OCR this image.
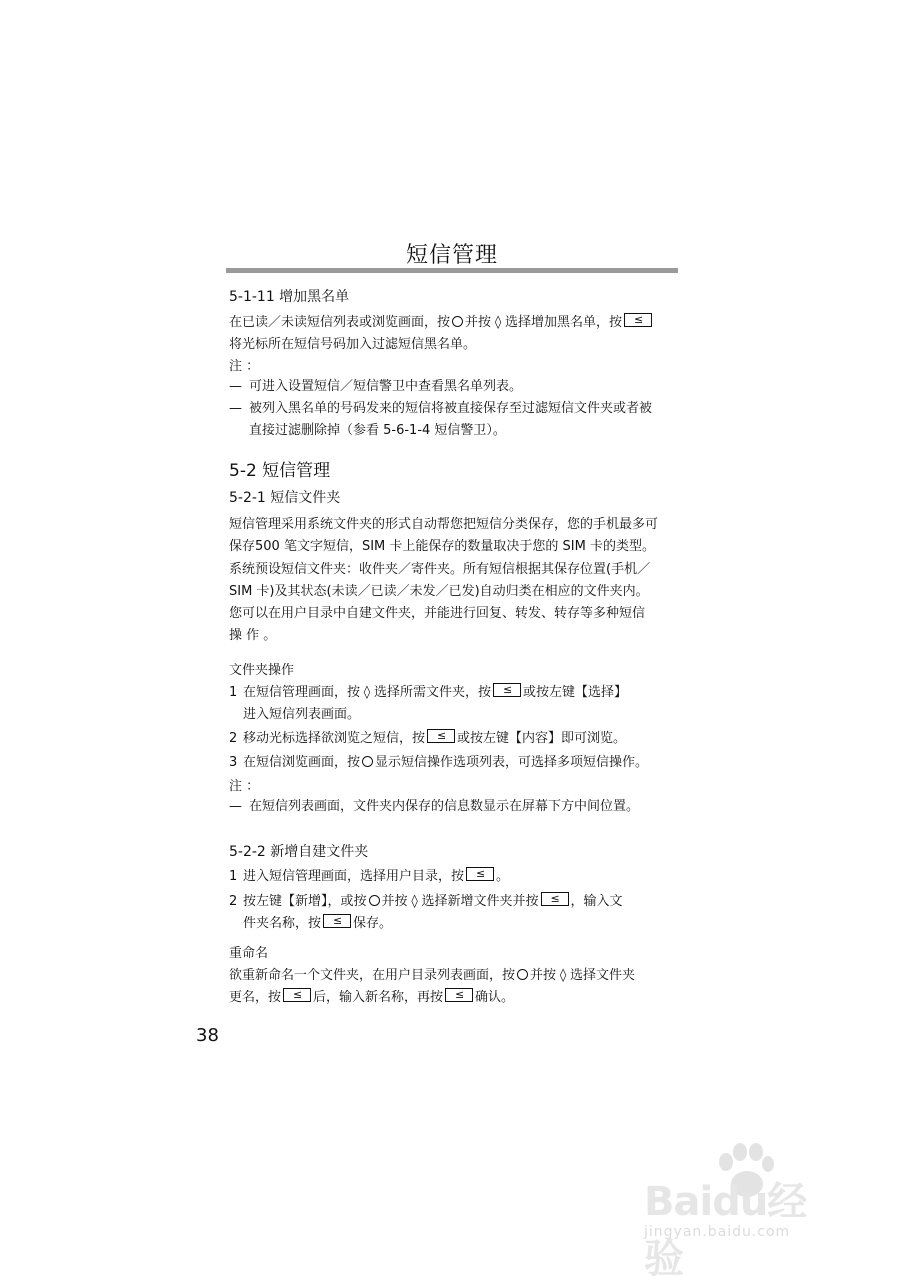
短信管理
5-1-11 增加黑名单
在已读／未读短信列表或浏览画面，按 并按 ◊ 选择增加黑名单，按≤
将光标所在短信号码加入过滤短信黑名单。
注 ：
— 可进入设置短信／短信警卫中查看黑名单列表。
— 被列入黑名单的号码发来的短信将被直接保存至过滤短信文件夹或者被
直接过滤删除掉（参看 5-6-1-4 短信警卫）。
5-2 短信管理
5-2-1 短信文件夹
短信管理采用系统文件夹的形式自动帮您把短信分类保存，您的手机最多可
保存500 笔文字短信，SIM 卡上能保存的数量取决于您的 SIM 卡的类型。
系统预设短信文件夹：收件夹／寄件夹。所有短信根据其保存位置(手机／
SIM 卡)及其状态(未读／已读／未发／已发)自动归类在相应的文件夹内。
您可以在用户目录中自建文件夹，并能进行回复、转发、转存等多种短信
操 作 。
文件夹操作
1 在短信管理画面，按 ◊ 选择所需文件夹，按 ≤ 或按左键【选择】
进入短信列表画面。
2 移动光标选择欲浏览之短信，按 ≤ 或按左键【内容】即可浏览。
3 在短信浏览画面，按 显示短信操作选项列表，可选择多项短信操作。
注 ：
— 在短信列表画面，文件夹内保存的信息数显示在屏幕下方中间位置。
5-2-2 新增自建文件夹
1 进入短信管理画面，选择用户目录，按 ≤ 。
2 按左键【新增】，或按 并按 ◊ 选择新增文件夹并按 ≤ ，输入文
件夹名称，按 ≤ 保存。
重命名
欲重新命名一个文件夹，在用户目录列表画面，按 并按 ◊ 选择文件夹
更名，按 ≤ 后，输入新名称，再按 ≤ 确认。
38
Baidu经验
jingyan.baidu.com
